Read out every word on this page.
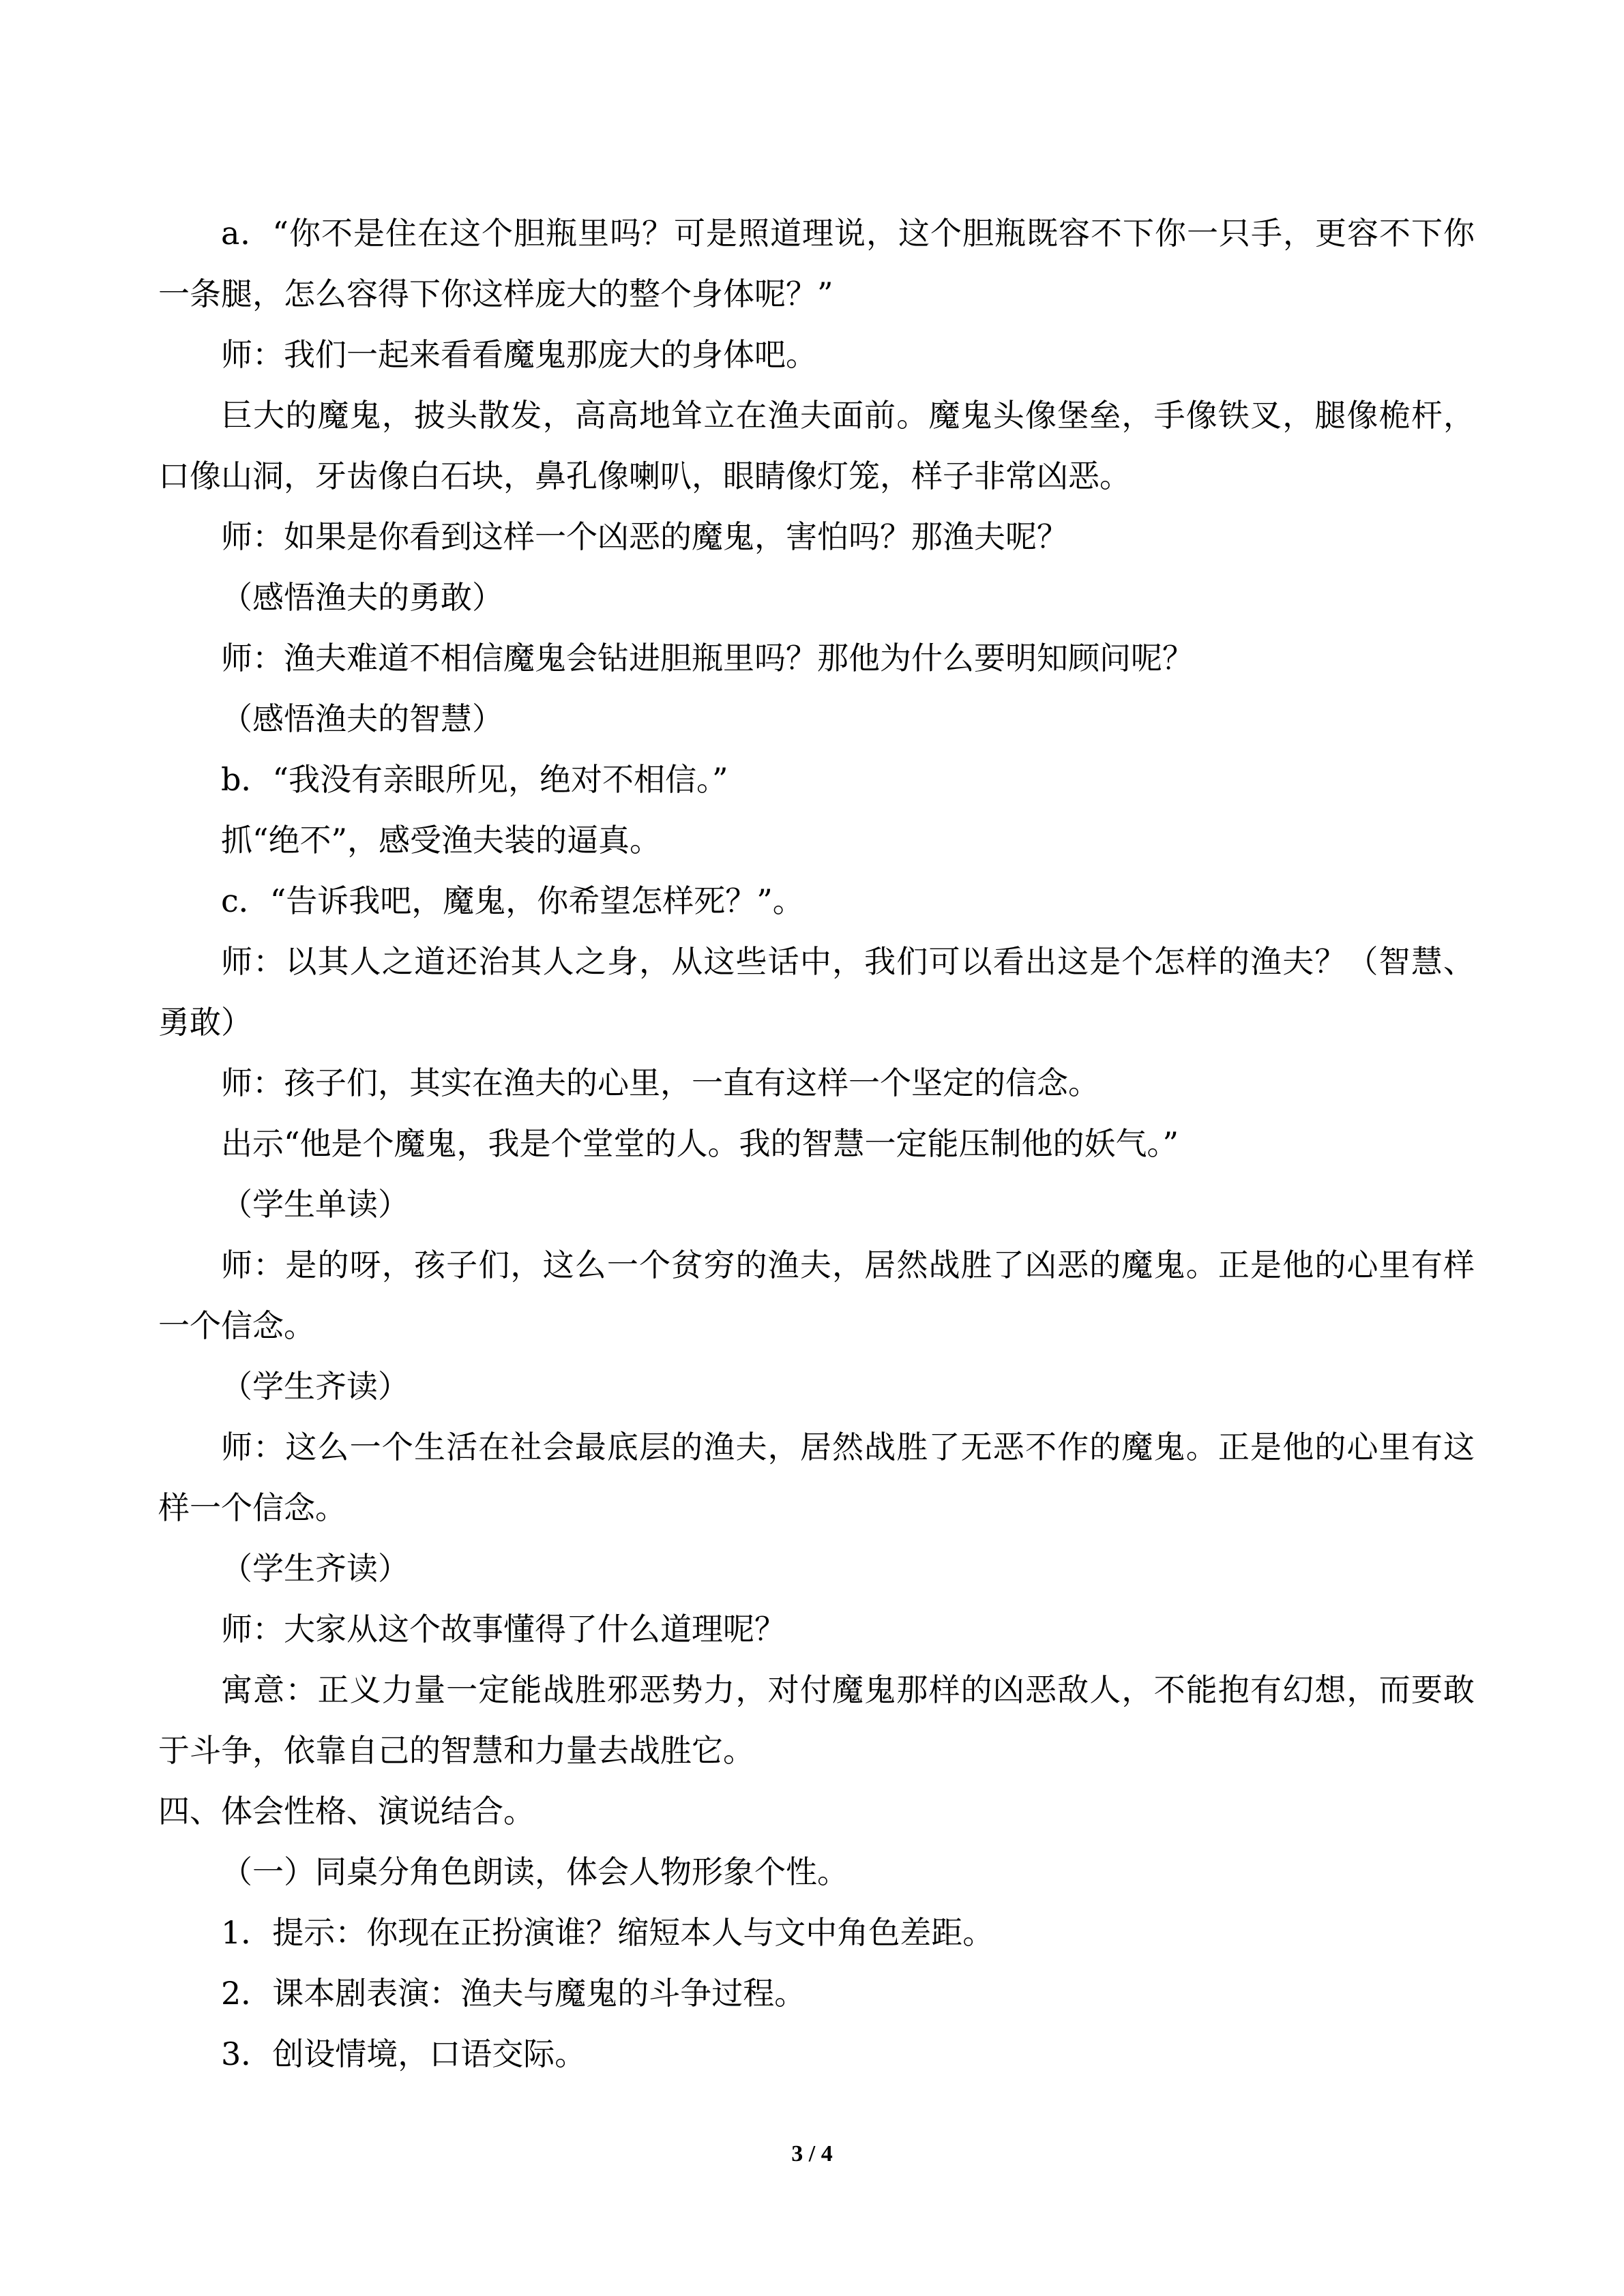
a．“你不是住在这个胆瓶里吗？可是照道理说，这个胆瓶既容不下你一只手，更容不下你一条腿，怎么容得下你这样庞大的整个身体呢？”

师：我们一起来看看魔鬼那庞大的身体吧。

巨大的魔鬼，披头散发，高高地耸立在渔夫面前。魔鬼头像堡垒，手像铁叉，腿像桅杆，口像山洞，牙齿像白石块，鼻孔像喇叭，眼睛像灯笼，样子非常凶恶。

师：如果是你看到这样一个凶恶的魔鬼，害怕吗？那渔夫呢？

（感悟渔夫的勇敢）

师：渔夫难道不相信魔鬼会钻进胆瓶里吗？那他为什么要明知顾问呢？

（感悟渔夫的智慧）

b．“我没有亲眼所见，绝对不相信。”

抓“绝不”，感受渔夫装的逼真。

c．“告诉我吧，魔鬼，你希望怎样死？”。

师：以其人之道还治其人之身，从这些话中，我们可以看出这是个怎样的渔夫？（智慧、勇敢）

师：孩子们，其实在渔夫的心里，一直有这样一个坚定的信念。

出示“他是个魔鬼，我是个堂堂的人。我的智慧一定能压制他的妖气。”

（学生单读）

师：是的呀，孩子们，这么一个贫穷的渔夫，居然战胜了凶恶的魔鬼。正是他的心里有样一个信念。

（学生齐读）

师：这么一个生活在社会最底层的渔夫，居然战胜了无恶不作的魔鬼。正是他的心里有这样一个信念。

（学生齐读）

师：大家从这个故事懂得了什么道理呢？

寓意：正义力量一定能战胜邪恶势力，对付魔鬼那样的凶恶敌人，不能抱有幻想，而要敢于斗争，依靠自己的智慧和力量去战胜它。

四、体会性格、演说结合。

（一）同桌分角色朗读，体会人物形象个性。

1．提示：你现在正扮演谁？缩短本人与文中角色差距。

2．课本剧表演：渔夫与魔鬼的斗争过程。

3．创设情境，口语交际。

3 / 4
